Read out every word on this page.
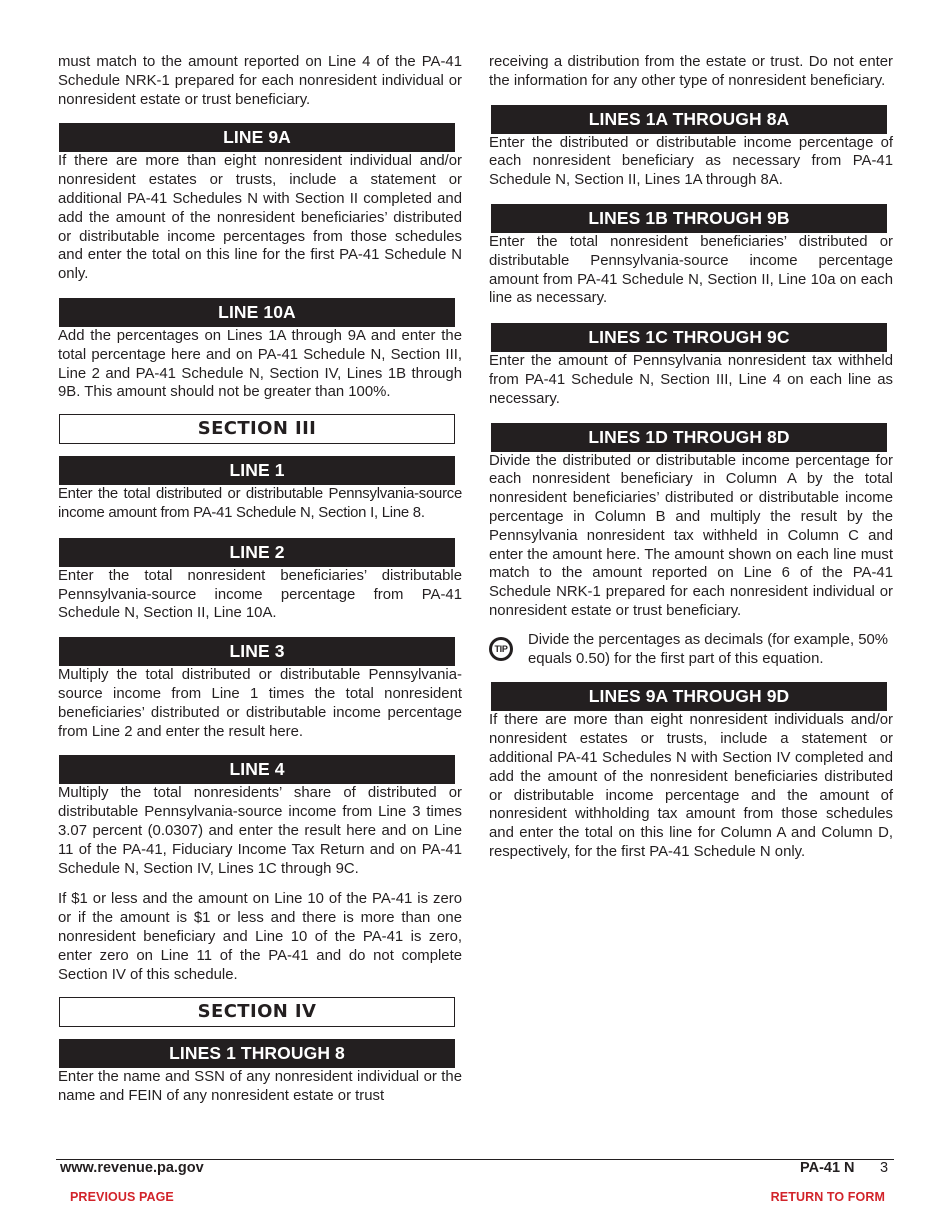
must match to the amount reported on Line 4 of the PA-41 Schedule NRK-1 prepared for each nonresident individual or nonresident estate or trust beneficiary.

LINE 9A

If there are more than eight nonresident individual and/or nonresident estates or trusts, include a statement or additional PA-41 Schedules N with Section II completed and add the amount of the nonresident beneficiaries’ distributed or distributable income percentages from those schedules and enter the total on this line for the first PA-41 Schedule N only.

LINE 10A

Add the percentages on Lines 1A through 9A and enter the total percentage here and on PA-41 Schedule N, Section III, Line 2 and PA-41 Schedule N, Section IV, Lines 1B through 9B. This amount should not be greater than 100%.

SECTION III
LINE 1

Enter the total distributed or distributable Pennsylvania-source income amount from PA-41 Schedule N, Section I, Line 8.

LINE 2

Enter the total nonresident beneficiaries’ distributable Pennsylvania-source income percentage from PA-41 Schedule N, Section II, Line 10A.

LINE 3

Multiply the total distributed or distributable Pennsylvania-source income from Line 1 times the total nonresident beneficiaries’ distributed or distributable income percentage from Line 2 and enter the result here.

LINE 4

Multiply the total nonresidents’ share of distributed or distributable Pennsylvania-source income from Line 3 times 3.07 percent (0.0307) and enter the result here and on Line 11 of the PA-41, Fiduciary Income Tax Return and on PA-41 Schedule N, Section IV, Lines 1C through 9C.

If $1 or less and the amount on Line 10 of the PA-41 is zero or if the amount is $1 or less and there is more than one nonresident beneficiary and Line 10 of the PA-41 is zero, enter zero on Line 11 of the PA-41 and do not complete Section IV of this schedule.

SECTION IV
LINES 1 THROUGH 8

Enter the name and SSN of any nonresident individual or the name and FEIN of any nonresident estate or trust

receiving a distribution from the estate or trust. Do not enter the information for any other type of nonresident beneficiary.

LINES 1A THROUGH 8A

Enter the distributed or distributable income percentage of each nonresident beneficiary as necessary from PA-41 Schedule N, Section II, Lines 1A through 8A.

LINES 1B THROUGH 9B

Enter the total nonresident beneficiaries’ distributed or distributable Pennsylvania-source income percentage amount from PA-41 Schedule N, Section II, Line 10a on each line as necessary.

LINES 1C THROUGH 9C

Enter the amount of Pennsylvania nonresident tax withheld from PA-41 Schedule N, Section III, Line 4 on each line as necessary.

LINES 1D THROUGH 8D

Divide the distributed or distributable income percentage for each nonresident beneficiary in Column A by the total nonresident beneficiaries’ distributed or distributable income percentage in Column B and multiply the result by the Pennsylvania nonresident tax withheld in Column C and enter the amount here. The amount shown on each line must match to the amount reported on Line 6 of the PA-41 Schedule NRK-1 prepared for each nonresident individual or nonresident estate or trust beneficiary.

TIP

Divide the percentages as decimals (for example, 50% equals 0.50) for the first part of this equation.

LINES 9A THROUGH 9D

If there are more than eight nonresident individuals and/or nonresident estates or trusts, include a statement or additional PA-41 Schedules N with Section IV completed and add the amount of the nonresident beneficiaries distributed or distributable income percentage and the amount of nonresident withholding tax amount from those schedules and enter the total on this line for Column A and Column D, respectively, for the first PA-41 Schedule N only.

www.revenue.pa.gov	PA-41 N 3
PREVIOUS PAGE	RETURN TO FORM
